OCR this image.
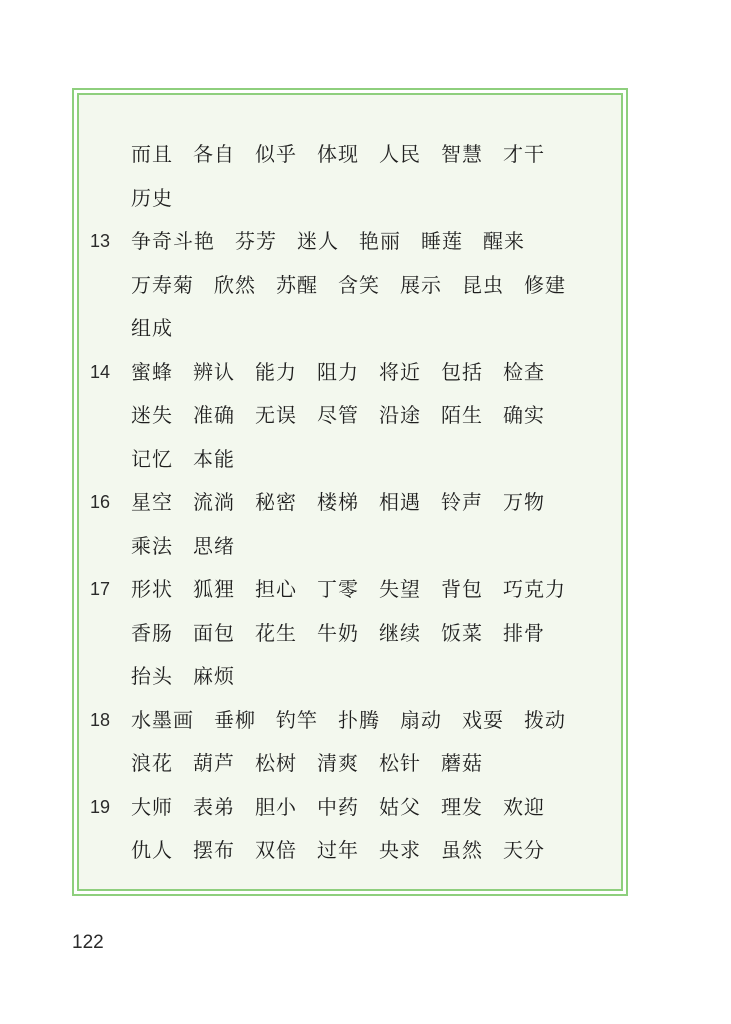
而且 各自 似乎 体现 人民 智慧 才干
历史
13	争奇斗艳 芬芳 迷人 艳丽 睡莲 醒来
万寿菊 欣然 苏醒 含笑 展示 昆虫 修建
组成
14	蜜蜂 辨认 能力 阻力 将近 包括 检查
迷失 准确 无误 尽管 沿途 陌生 确实
记忆 本能
16	星空 流淌 秘密 楼梯 相遇 铃声 万物
乘法 思绪
17	形状 狐狸 担心 丁零 失望 背包 巧克力
香肠 面包 花生 牛奶 继续 饭菜 排骨
抬头 麻烦
18	水墨画 垂柳 钓竿 扑腾 扇动 戏耍 拨动
浪花 葫芦 松树 清爽 松针 蘑菇
19	大师 表弟 胆小 中药 姑父 理发 欢迎
仇人 摆布 双倍 过年 央求 虽然 天分
122
